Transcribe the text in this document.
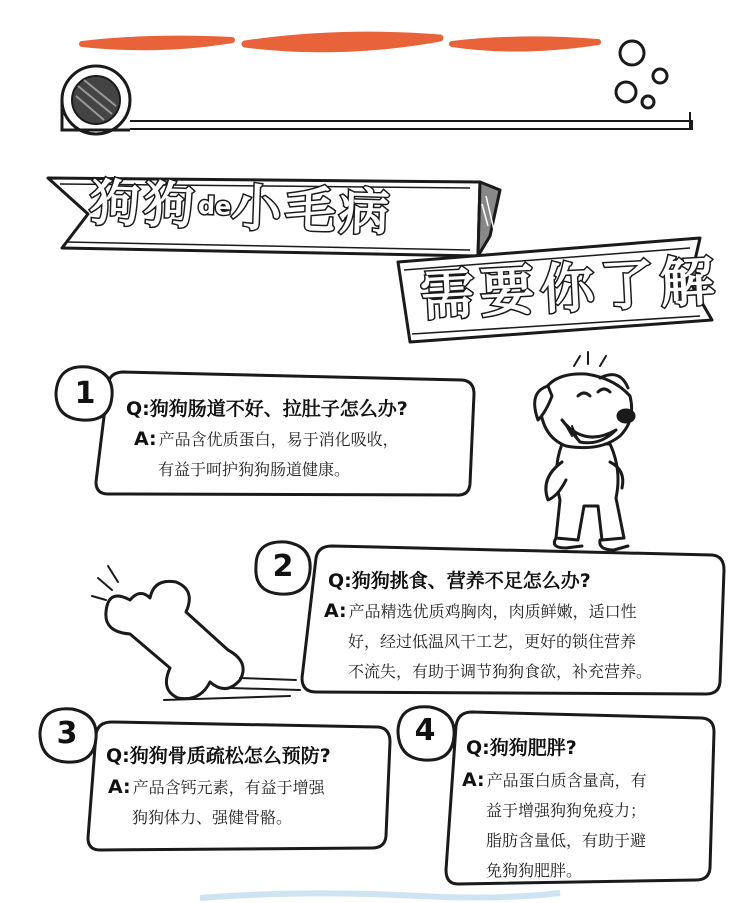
狗狗$^{de}$小毛病
需要你了解
1	Q:狗狗肠道不好、拉肚子怎么办?
A: 产品含优质蛋白，易于消化吸收，
有益于呵护狗狗肠道健康。
2	Q:狗狗挑食、营养不足怎么办?
A: 产品精选优质鸡胸肉，肉质鲜嫩，适口性
好，经过低温风干工艺，更好的锁住营养
不流失，有助于调节狗狗食欲，补充营养。
3
Q:狗狗骨质疏松怎么预防?
A: 产品含钙元素，有益于增强
狗狗体力、强健骨骼。
4	Q:狗狗肥胖?
A: 产品蛋白质含量高，有
益于增强狗狗免疫力；
脂肪含量低，有助于避
免狗狗肥胖。
